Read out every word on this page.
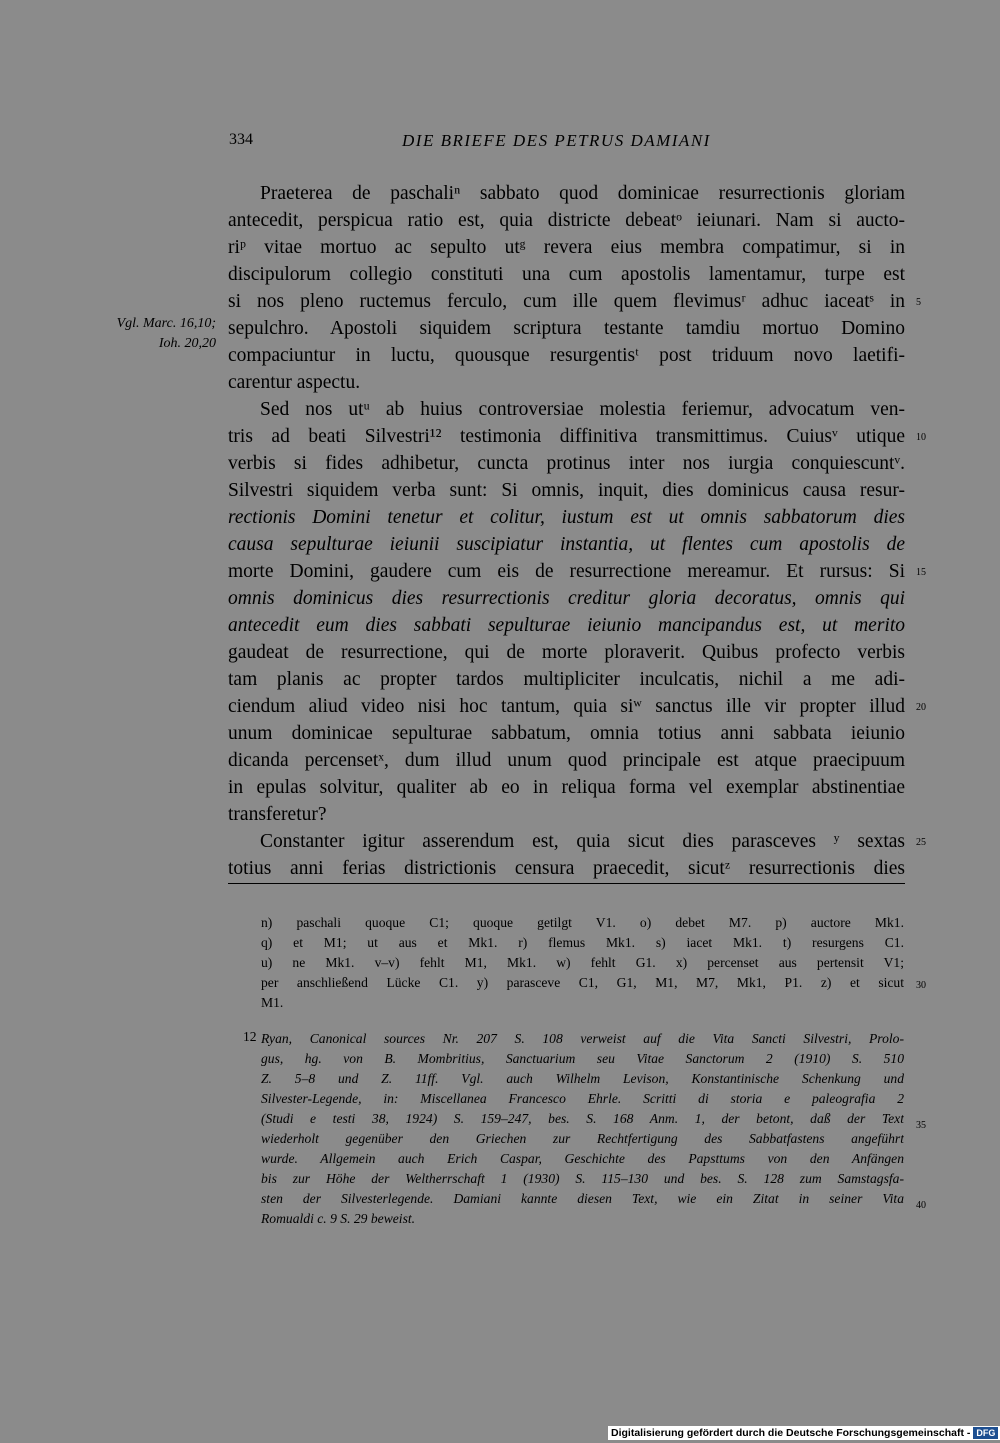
334	DIE BRIEFE DES PETRUS DAMIANI
Vgl. Marc. 16,10;
Ioh. 20,20
Praeterea de paschaliⁿ sabbato quod dominicae resurrectionis gloriam
antecedit, perspicua ratio est, quia districte debeatᵒ ieiunari. Nam si aucto-
riᵖ vitae mortuo ac sepulto utᵍ revera eius membra compatimur, si in
discipulorum collegio constituti una cum apostolis lamentamur, turpe est
si nos pleno ructemus ferculo, cum ille quem flevimusʳ adhuc iaceatˢ in
sepulchro. Apostoli siquidem scriptura testante tamdiu mortuo Domino
compaciuntur in luctu, quousque resurgentisᵗ post triduum novo laetifi-
carentur aspectu.
Sed nos utᵘ ab huius controversiae molestia feriemur, advocatum ven-
tris ad beati Silvestri¹² testimonia diffinitiva transmittimus. Cuiusᵛ utique
verbis si fides adhibetur, cuncta protinus inter nos iurgia conquiescuntᵛ.
Silvestri siquidem verba sunt: Si omnis, inquit, dies dominicus causa resur-
rectionis Domini tenetur et colitur, iustum est ut omnis sabbatorum dies
causa sepulturae ieiunii suscipiatur instantia, ut flentes cum apostolis de
morte Domini, gaudere cum eis de resurrectione mereamur. Et rursus: Si
omnis dominicus dies resurrectionis creditur gloria decoratus, omnis qui
antecedit eum dies sabbati sepulturae ieiunio mancipandus est, ut merito
gaudeat de resurrectione, qui de morte ploraverit. Quibus profecto verbis
tam planis ac propter tardos multipliciter inculcatis, nichil a me adi-
ciendum aliud video nisi hoc tantum, quia siʷ sanctus ille vir propter illud
unum dominicae sepulturae sabbatum, omnia totius anni sabbata ieiunio
dicanda percensetˣ, dum illud unum quod principale est atque praecipuum
in epulas solvitur, qualiter ab eo in reliqua forma vel exemplar abstinentiae
transferetur?
Constanter igitur asserendum est, quia sicut dies parasceves ʸ sextas
totius anni ferias districtionis censura praecedit, sicutᶻ resurrectionis dies
5
10
15
20
25
30
35
40
n) paschali quoque C1; quoque getilgt V1. o) debet M7. p) auctore Mk1.
q) et M1; ut aus et Mk1. r) flemus Mk1. s) iacet Mk1. t) resurgens C1.
u) ne Mk1. v–v) fehlt M1, Mk1. w) fehlt G1. x) percenset aus pertensit V1;
per anschließend Lücke C1. y) parasceve C1, G1, M1, M7, Mk1, P1. z) et sicut
M1.
12 Ryan, Canonical sources Nr. 207 S. 108 verweist auf die Vita Sancti Silvestri, Prolo-
gus, hg. von B. Mombritius, Sanctuarium seu Vitae Sanctorum 2 (1910) S. 510
Z. 5–8 und Z. 11ff. Vgl. auch Wilhelm Levison, Konstantinische Schenkung und
Silvester-Legende, in: Miscellanea Francesco Ehrle. Scritti di storia e paleografia 2
(Studi e testi 38, 1924) S. 159–247, bes. S. 168 Anm. 1, der betont, daß der Text
wiederholt gegenüber den Griechen zur Rechtfertigung des Sabbatfastens angeführt
wurde. Allgemein auch Erich Caspar, Geschichte des Papsttums von den Anfängen
bis zur Höhe der Weltherrschaft 1 (1930) S. 115–130 und bes. S. 128 zum Samstagsfa-
sten der Silvesterlegende. Damiani kannte diesen Text, wie ein Zitat in seiner Vita
Romualdi c. 9 S. 29 beweist.
Digitalisierung gefördert durch die Deutsche Forschungsgemeinschaft - DFG
